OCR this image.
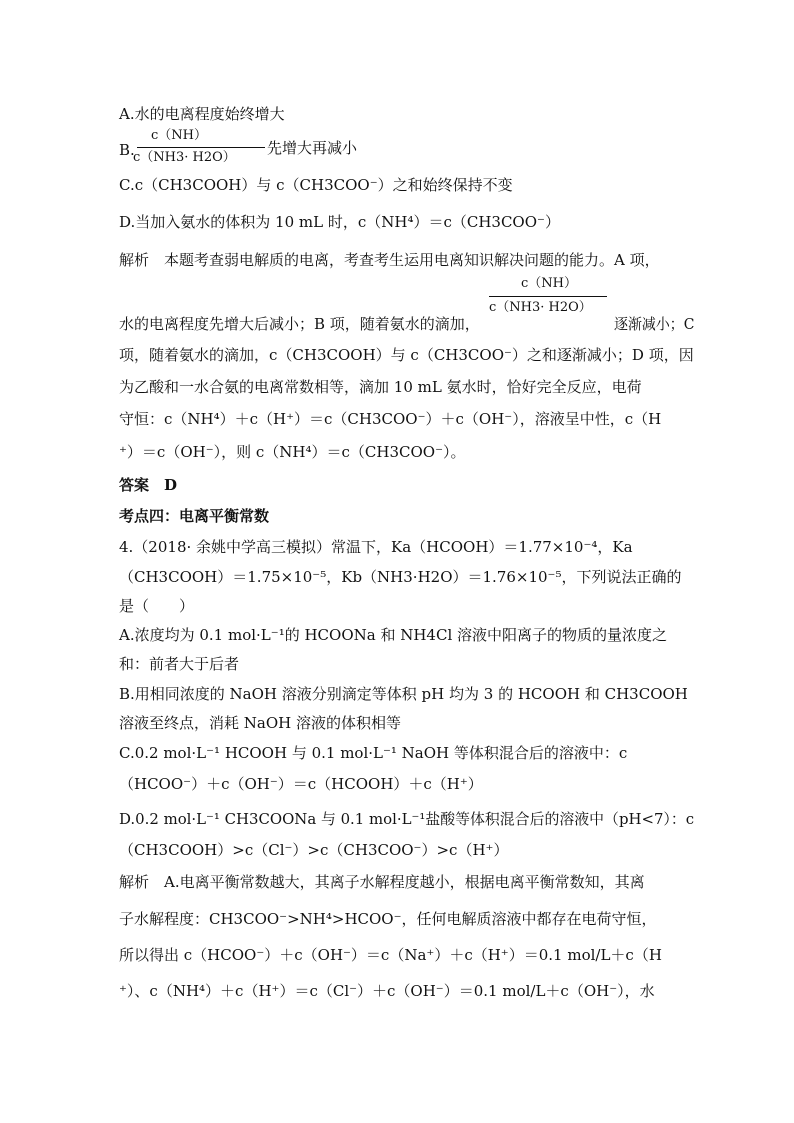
A.水的电离程度始终增大
B.
c（NH）
c（NH3· H2O）
先增大再减小
C.c（CH3COOH）与 c（CH3COO⁻）之和始终保持不变
D.当加入氨水的体积为 10 mL 时，c（NH⁴）＝c（CH3COO⁻）
解析　本题考查弱电解质的电离，考查考生运用电离知识解决问题的能力。A 项，
水的电离程度先增大后减小；B 项，随着氨水的滴加，
c（NH）
c（NH3· H2O）
逐渐减小；C
项，随着氨水的滴加，c（CH3COOH）与 c（CH3COO⁻）之和逐渐减小；D 项，因
为乙酸和一水合氨的电离常数相等，滴加 10 mL 氨水时，恰好完全反应，电荷
守恒：c（NH⁴）＋c（H⁺）＝c（CH3COO⁻）＋c（OH⁻），溶液呈中性，c（H
⁺）＝c（OH⁻），则 c（NH⁴）＝c（CH3COO⁻）。
答案　D
考点四：电离平衡常数
4.（2018· 余姚中学高三模拟）常温下，Ka（HCOOH）＝1.77×10⁻⁴，Ka
（CH3COOH）＝1.75×10⁻⁵，Kb（NH3·H2O）＝1.76×10⁻⁵，下列说法正确的
是（　　）
A.浓度均为 0.1 mol·L⁻¹的 HCOONa 和 NH4Cl 溶液中阳离子的物质的量浓度之
和：前者大于后者
B.用相同浓度的 NaOH 溶液分别滴定等体积 pH 均为 3 的 HCOOH 和 CH3COOH
溶液至终点，消耗 NaOH 溶液的体积相等
C.0.2 mol·L⁻¹ HCOOH 与 0.1 mol·L⁻¹ NaOH 等体积混合后的溶液中：c
（HCOO⁻）＋c（OH⁻）＝c（HCOOH）＋c（H⁺）
D.0.2 mol·L⁻¹ CH3COONa 与 0.1 mol·L⁻¹盐酸等体积混合后的溶液中（pH<7）：c
（CH3COOH）>c（Cl⁻）>c（CH3COO⁻）>c（H⁺）
解析　A.电离平衡常数越大，其离子水解程度越小，根据电离平衡常数知，其离
子水解程度：CH3COO⁻>NH⁴>HCOO⁻，任何电解质溶液中都存在电荷守恒，
所以得出 c（HCOO⁻）＋c（OH⁻）＝c（Na⁺）＋c（H⁺）＝0.1 mol/L＋c（H
⁺）、c（NH⁴）＋c（H⁺）＝c（Cl⁻）＋c（OH⁻）＝0.1 mol/L＋c（OH⁻），水
